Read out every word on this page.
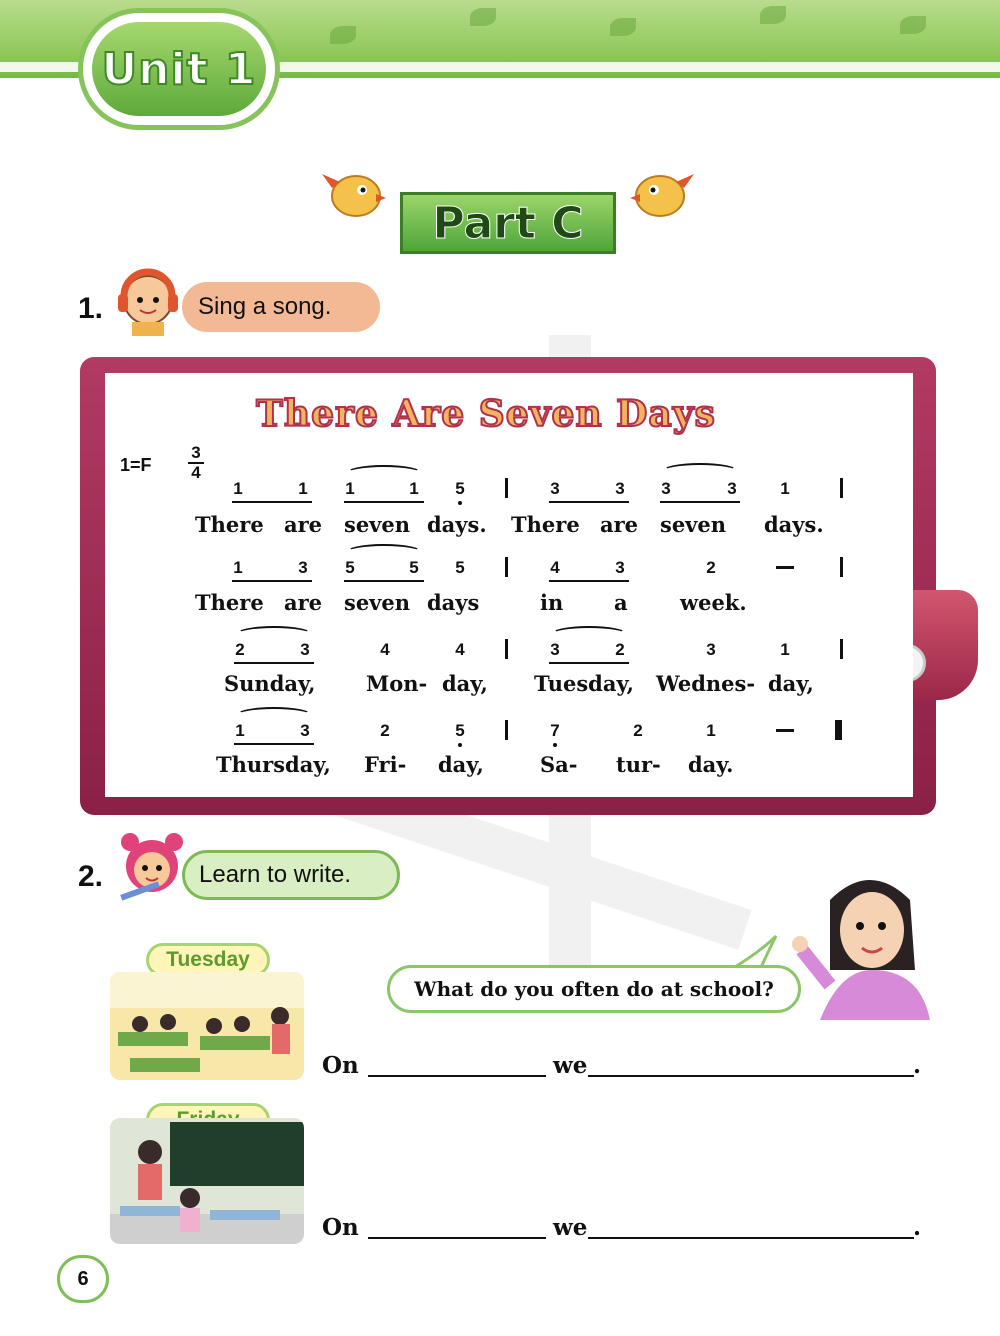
Unit 1
Part C
1.	Sing a song.
There Are Seven Days
1=F
3
4
1	1	1	1	5	3	3	3	3	1
There are seven days. There are seven days.
1	3	5	5	5	4	3	2
There are seven days	in a week.
2	3	4	4	3	2	3	1
Sunday, Mon- day, Tuesday, Wednes- day,
1	3	2	5	7	2	1
Thursday, Fri- day,	Sa- tur- day.
2.	Learn to write.
What do you often do at school?
Tuesday
On	we	.
On	we	.
6
